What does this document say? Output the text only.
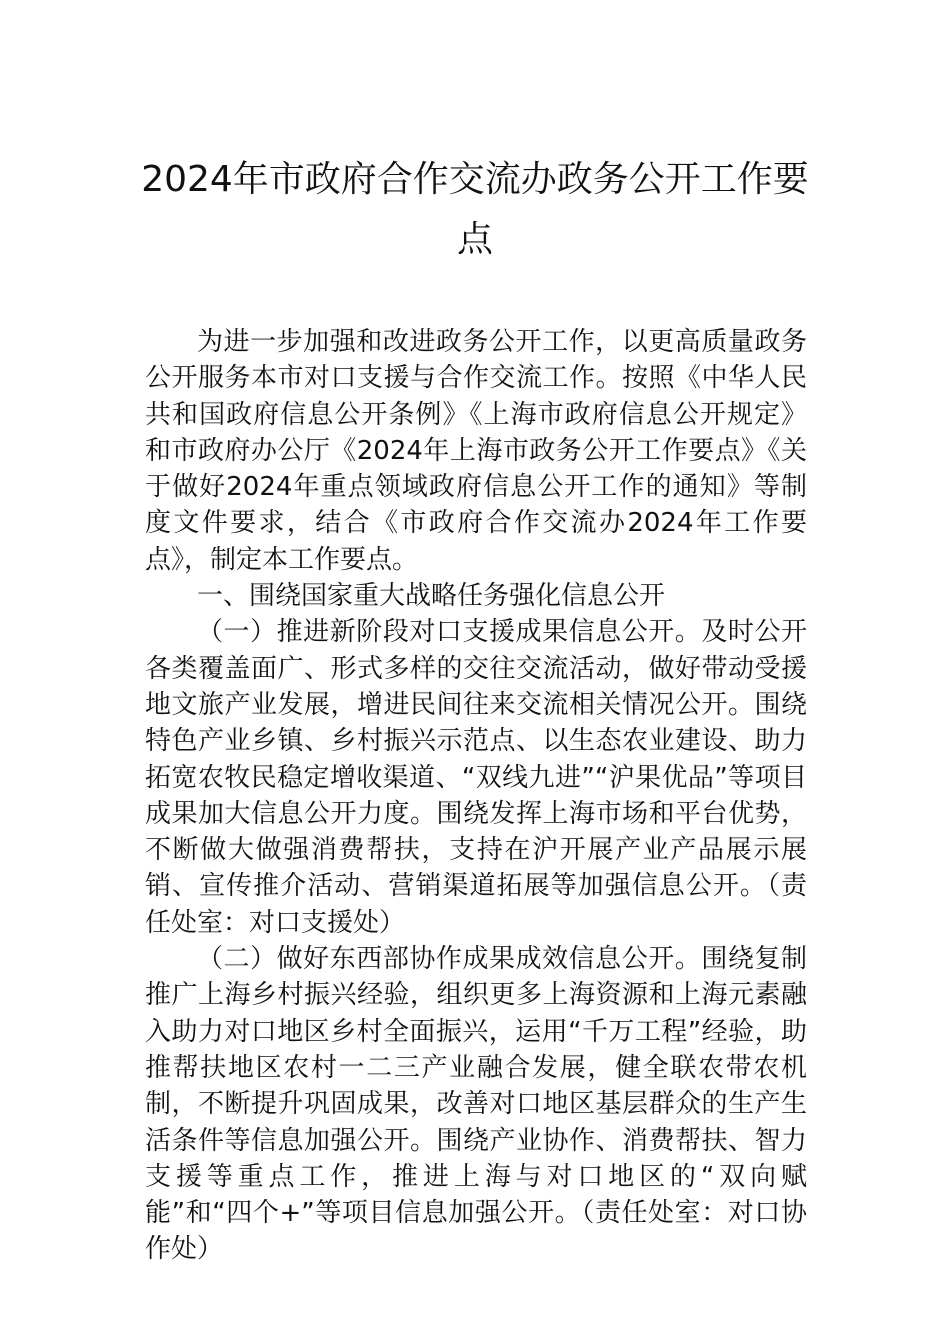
2024年市政府合作交流办政务公开工作要
点

为进一步加强和改进政务公开工作，以更高质量政务公开服务本市对口支援与合作交流工作。按照《中华人民共和国政府信息公开条例》《上海市政府信息公开规定》和市政府办公厅《2024年上海市政务公开工作要点》《关于做好2024年重点领域政府信息公开工作的通知》等制度文件要求，结合《市政府合作交流办2024年工作要点》，制定本工作要点。

一、围绕国家重大战略任务强化信息公开

（一）推进新阶段对口支援成果信息公开。及时公开各类覆盖面广、形式多样的交往交流活动，做好带动受援地文旅产业发展，增进民间往来交流相关情况公开。围绕特色产业乡镇、乡村振兴示范点、以生态农业建设、助力拓宽农牧民稳定增收渠道、“双线九进”“沪果优品”等项目成果加大信息公开力度。围绕发挥上海市场和平台优势，不断做大做强消费帮扶，支持在沪开展产业产品展示展销、宣传推介活动、营销渠道拓展等加强信息公开。（责任处室：对口支援处）

（二）做好东西部协作成果成效信息公开。围绕复制推广上海乡村振兴经验，组织更多上海资源和上海元素融入助力对口地区乡村全面振兴，运用“千万工程”经验，助推帮扶地区农村一二三产业融合发展，健全联农带农机制，不断提升巩固成果，改善对口地区基层群众的生产生活条件等信息加强公开。围绕产业协作、消费帮扶、智力支援等重点工作，推进上海与对口地区的“双向赋能”和“四个+”等项目信息加强公开。（责任处室：对口协作处）
